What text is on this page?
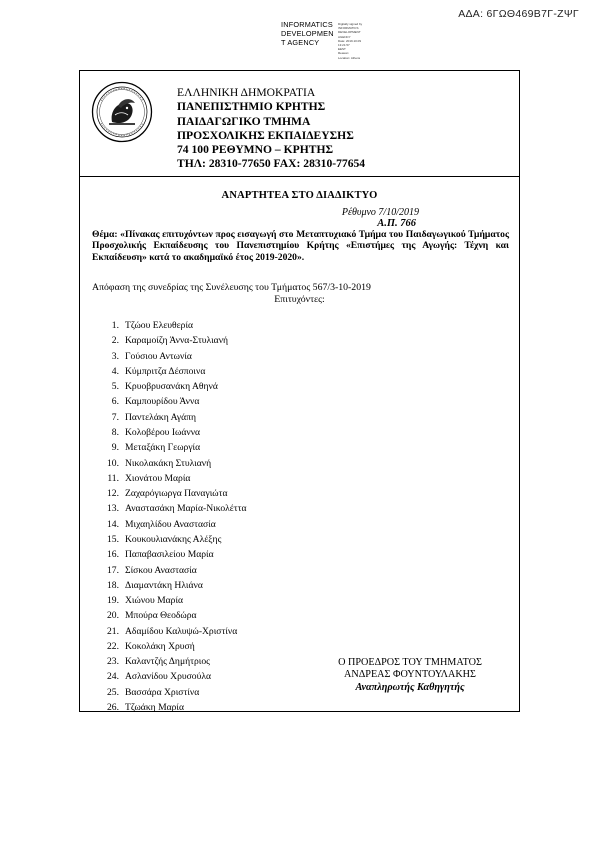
ΑΔΑ: 6ΓΩΘ469Β7Γ-ΖΨΓ
INFORMATICS
DEVELOPMEN
T AGENCY
Digitally signed by
INFORMATICS
DEVELOPMENT AGENCY
Date: 2019.10.09 13:21:57
EEST
Reason:
Location: Athens
ΕΛΛΗΝΙΚΗ ΔΗΜΟΚΡΑΤΙΑ
ΠΑΝΕΠΙΣΤΗΜΙΟ ΚΡΗΤΗΣ
ΠΑΙΔΑΓΩΓΙΚΟ ΤΜΗΜΑ
ΠΡΟΣΧΟΛΙΚΗΣ ΕΚΠΑΙΔΕΥΣΗΣ
74 100 ΡΕΘΥΜΝΟ – ΚΡΗΤΗΣ
ΤΗΛ: 28310-77650 FAX: 28310-77654
ΑΝΑΡΤΗΤΕΑ ΣΤΟ ΔΙΑΔΙΚΤΥΟ
Ρέθυμνο 7/10/2019
Α.Π. 766
Θέμα: «Πίνακας επιτυχόντων προς εισαγωγή στο Μεταπτυχιακό Τμήμα του Παιδαγωγικού Τμήματος Προσχολικής Εκπαίδευσης του Πανεπιστημίου Κρήτης «Επιστήμες της Αγωγής: Τέχνη και Εκπαίδευση» κατά το ακαδημαϊκό έτος 2019-2020».
Απόφαση της συνεδρίας της Συνέλευσης του Τμήματος 567/3-10-2019
Επιτυχόντες:
1. Τζώου Ελευθερία
2. Καραμοίζη Άννα-Στυλιανή
3. Γούσιου Αντωνία
4. Κύμπριτζα Δέσποινα
5. Κρυοβρυσανάκη Αθηνά
6. Καμπουρίδου Άννα
7. Παντελάκη Αγάπη
8. Κολοβέρου Ιωάννα
9. Μεταξάκη Γεωργία
10. Νικολακάκη Στυλιανή
11. Χιονάτου Μαρία
12. Ζαχαρόγιωργα Παναγιώτα
13. Αναστασάκη Μαρία-Νικολέττα
14. Μιχαηλίδου Αναστασία
15. Κουκουλιανάκης Αλέξης
16. Παπαβασιλείου Μαρία
17. Σίσκου Αναστασία
18. Διαμαντάκη Ηλιάνα
19. Χιώνου Μαρία
20. Μπούρα Θεοδώρα
21. Αδαμίδου Καλυψώ-Χριστίνα
22. Κοκολάκη Χρυσή
23. Καλαντζής Δημήτριος
24. Ασλανίδου Χρυσούλα
25. Βασσάρα Χριστίνα
26. Τζωάκη Μαρία
Ο ΠΡΟΕΔΡΟΣ ΤΟΥ ΤΜΗΜΑΤΟΣ
ΑΝΔΡΕΑΣ ΦΟΥΝΤΟΥΛΑΚΗΣ
Αναπληρωτής Καθηγητής
